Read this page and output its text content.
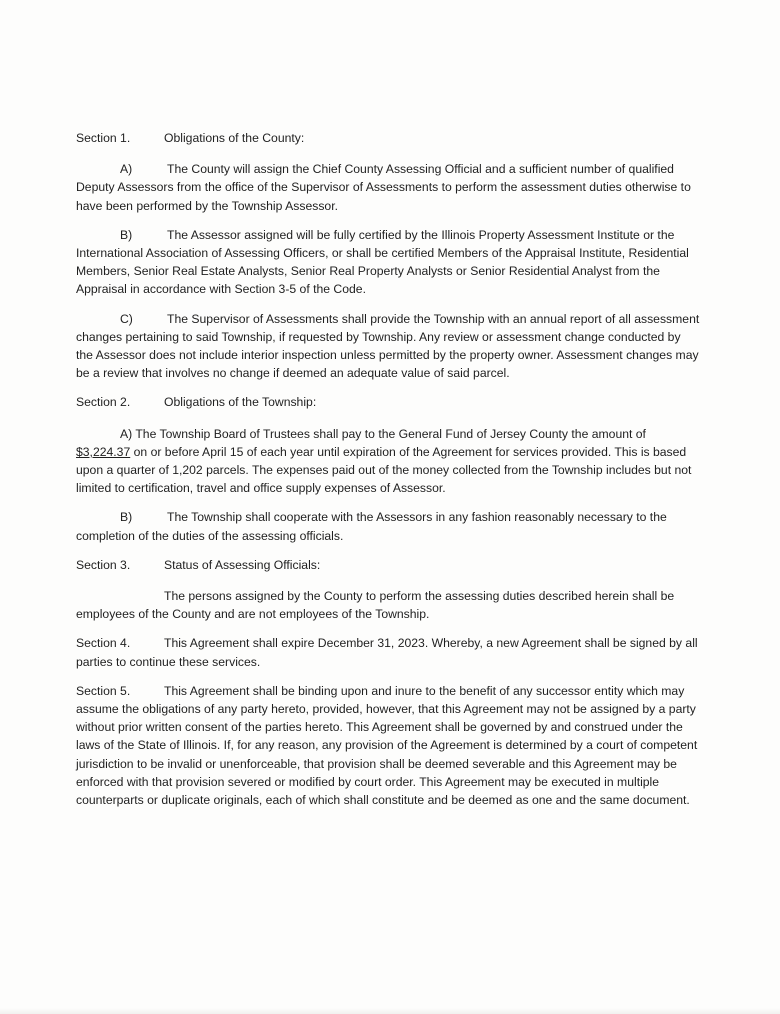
Section 1.	Obligations of the County:

A)	The County will assign the Chief County Assessing Official and a sufficient number of qualified Deputy Assessors from the office of the Supervisor of Assessments to perform the assessment duties otherwise to have been performed by the Township Assessor.

B)	The Assessor assigned will be fully certified by the Illinois Property Assessment Institute or the International Association of Assessing Officers, or shall be certified Members of the Appraisal Institute, Residential Members, Senior Real Estate Analysts, Senior Real Property Analysts or Senior Residential Analyst from the Appraisal in accordance with Section 3-5 of the Code.

C)	The Supervisor of Assessments shall provide the Township with an annual report of all assessment changes pertaining to said Township, if requested by Township. Any review or assessment change conducted by the Assessor does not include interior inspection unless permitted by the property owner. Assessment changes may be a review that involves no change if deemed an adequate value of said parcel.

Section 2.	Obligations of the Township:

A) The Township Board of Trustees shall pay to the General Fund of Jersey County the amount of $3,224.37 on or before April 15 of each year until expiration of the Agreement for services provided. This is based upon a quarter of 1,202 parcels. The expenses paid out of the money collected from the Township includes but not limited to certification, travel and office supply expenses of Assessor.

B)	The Township shall cooperate with the Assessors in any fashion reasonably necessary to the completion of the duties of the assessing officials.

Section 3.	Status of Assessing Officials:

The persons assigned by the County to perform the assessing duties described herein shall be employees of the County and are not employees of the Township.

Section 4.	This Agreement shall expire December 31, 2023. Whereby, a new Agreement shall be signed by all parties to continue these services.

Section 5.	This Agreement shall be binding upon and inure to the benefit of any successor entity which may assume the obligations of any party hereto, provided, however, that this Agreement may not be assigned by a party without prior written consent of the parties hereto. This Agreement shall be governed by and construed under the laws of the State of Illinois. If, for any reason, any provision of the Agreement is determined by a court of competent jurisdiction to be invalid or unenforceable, that provision shall be deemed severable and this Agreement may be enforced with that provision severed or modified by court order. This Agreement may be executed in multiple counterparts or duplicate originals, each of which shall constitute and be deemed as one and the same document.
